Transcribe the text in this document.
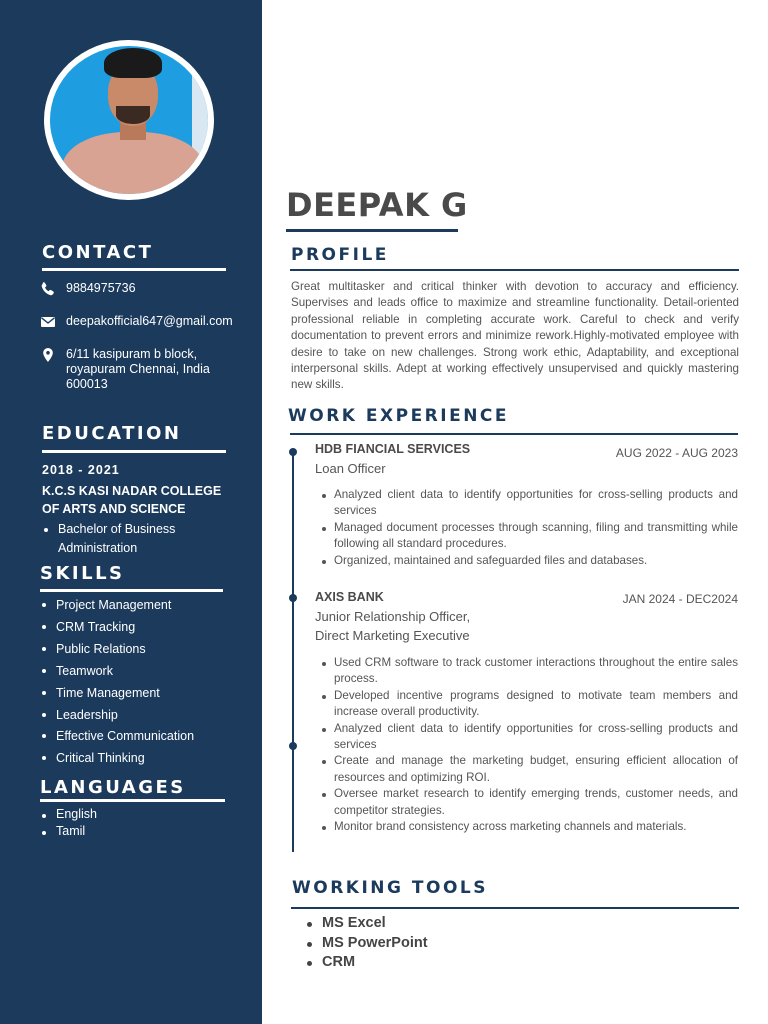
CONTACT
9884975736
deepakofficial647@gmail.com
6/11 kasipuram b block,
royapuram Chennai, India
600013
EDUCATION
2018 - 2021
K.C.S KASI NADAR COLLEGE
OF ARTS AND SCIENCE
Bachelor of Business
Administration
SKILLS
Project Management
CRM Tracking
Public Relations
Teamwork
Time Management
Leadership
Effective Communication
Critical Thinking
LANGUAGES
English
Tamil
DEEPAK G
PROFILE

Great multitasker and critical thinker with devotion to accuracy and efficiency. Supervises and leads office to maximize and streamline functionality. Detail-oriented professional reliable in completing accurate work. Careful to check and verify documentation to prevent errors and minimize rework.Highly-motivated employee with desire to take on new challenges. Strong work ethic, Adaptability, and exceptional interpersonal skills. Adept at working effectively unsupervised and quickly mastering new skills.

WORK EXPERIENCE
HDB FIANCIAL SERVICES	AUG 2022 - AUG 2023
Loan Officer
Analyzed client data to identify opportunities for cross-selling products and services
Managed document processes through scanning, filing and transmitting while following all standard procedures.
Organized, maintained and safeguarded files and databases.
AXIS BANK	JAN 2024 - DEC2024
Junior Relationship Officer,
Direct Marketing Executive
Used CRM software to track customer interactions throughout the entire sales process.
Developed incentive programs designed to motivate team members and increase overall productivity.
Analyzed client data to identify opportunities for cross-selling products and services
Create and manage the marketing budget, ensuring efficient allocation of resources and optimizing ROI.
Oversee market research to identify emerging trends, customer needs, and competitor strategies.
Monitor brand consistency across marketing channels and materials.
WORKING TOOLS
MS Excel
MS PowerPoint
CRM
